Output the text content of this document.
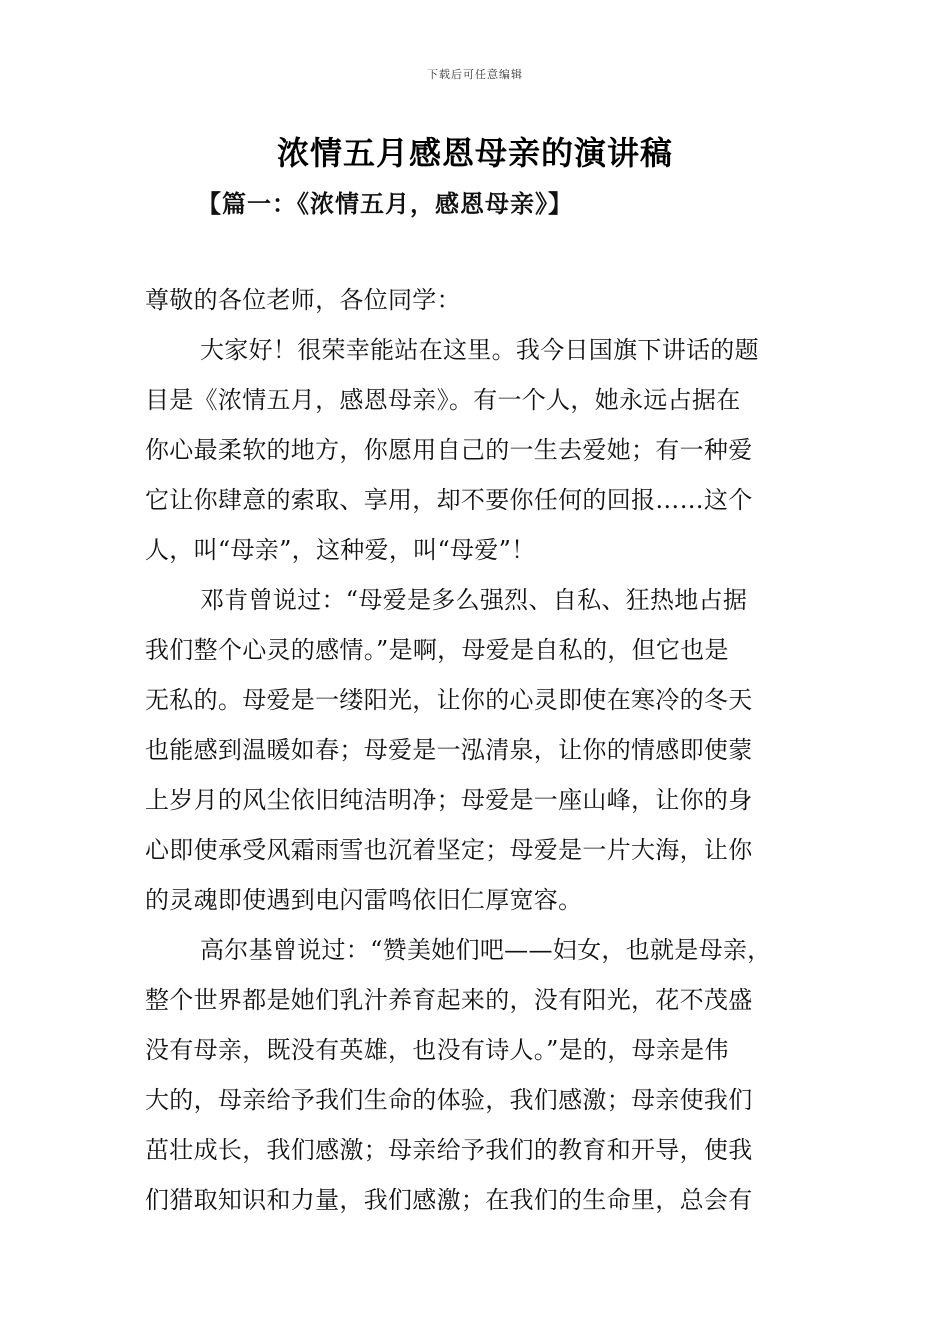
下载后可任意编辑
浓情五月感恩母亲的演讲稿
【篇一：《浓情五月，感恩母亲》】
尊敬的各位老师，各位同学：
大家好！很荣幸能站在这里。我今日国旗下讲话的题
目是《浓情五月，感恩母亲》。有一个人，她永远占据在
你心最柔软的地方，你愿用自己的一生去爱她；有一种爱
它让你肆意的索取、享用，却不要你任何的回报……这个
人，叫“母亲”，这种爱，叫“母爱”！
邓肯曾说过：“母爱是多么强烈、自私、狂热地占据
我们整个心灵的感情。”是啊，母爱是自私的，但它也是
无私的。母爱是一缕阳光，让你的心灵即使在寒冷的冬天
也能感到温暖如春；母爱是一泓清泉，让你的情感即使蒙
上岁月的风尘依旧纯洁明净；母爱是一座山峰，让你的身
心即使承受风霜雨雪也沉着坚定；母爱是一片大海，让你
的灵魂即使遇到电闪雷鸣依旧仁厚宽容。
高尔基曾说过：“赞美她们吧——妇女，也就是母亲，
整个世界都是她们乳汁养育起来的，没有阳光，花不茂盛
没有母亲，既没有英雄，也没有诗人。”是的，母亲是伟
大的，母亲给予我们生命的体验，我们感激；母亲使我们
茁壮成长，我们感激；母亲给予我们的教育和开导，使我
们猎取知识和力量，我们感激；在我们的生命里，总会有
